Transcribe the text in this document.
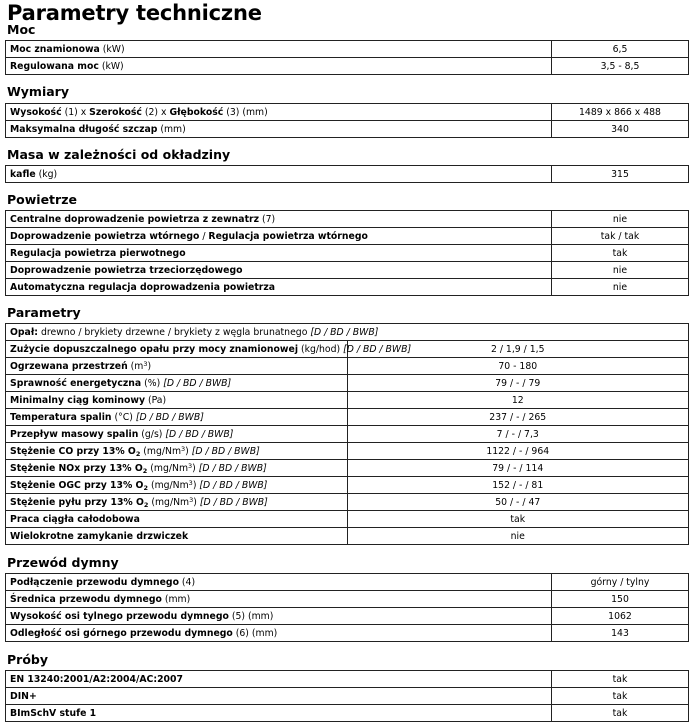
Parametry techniczne
Moc
Moc znamionowa (kW)	6,5
Regulowana moc (kW)	3,5 - 8,5
Wymiary
Wysokość (1) x Szerokość (2) x Głębokość (3) (mm)	1489 x 866 x 488
Maksymalna długość szczap (mm)	340
Masa w zależności od okładziny
kafle (kg)	315
Powietrze
Centralne doprowadzenie powietrza z zewnatrz (7)	nie
Doprowadzenie powietrza wtórnego / Regulacja powietrza wtórnego	tak / tak
Regulacja powietrza pierwotnego	tak
Doprowadzenie powietrza trzeciorzędowego	nie
Automatyczna regulacja doprowadzenia powietrza	nie
Parametry
Opał: drewno / brykiety drzewne / brykiety z węgla brunatnego [D / BD / BWB]	
Zużycie dopuszczalnego opału przy mocy znamionowej (kg/hod) [D / BD / BWB]	2 / 1,9 / 1,5
Ogrzewana przestrzeń $(m^3)$	70 - 180
Sprawność energetyczna (%) [D / BD / BWB]	79 / - / 79
Minimalny ciąg kominowy (Pa)	12
Temperatura spalin (°C) [D / BD / BWB]	237 / - / 265
Przepływ masowy spalin (g/s) [D / BD / BWB]	7 / - / 7,3
Stężenie CO przy 13% $O_2$ (mg/Nm$^3$) [D / BD / BWB]	1122 / - / 964
Stężenie NOx przy 13% $O_2$ (mg/Nm$^3$) [D / BD / BWB]	79 / - / 114
Stężenie OGC przy 13% $O_2$ (mg/Nm$^3$) [D / BD / BWB]	152 / - / 81
Stężenie pyłu przy 13% $O_2$ (mg/Nm$^3$) [D / BD / BWB]	50 / - / 47
Praca ciągła całodobowa	tak
Wielokrotne zamykanie drzwiczek	nie
Przewód dymny
Podłączenie przewodu dymnego (4)	górny / tylny
Średnica przewodu dymnego (mm)	150
Wysokość osi tylnego przewodu dymnego (5) (mm)	1062
Odległość osi górnego przewodu dymnego (6) (mm)	143
Próby
EN 13240:2001/A2:2004/AC:2007	tak
DIN+	tak
BImSchV stufe 1	tak
